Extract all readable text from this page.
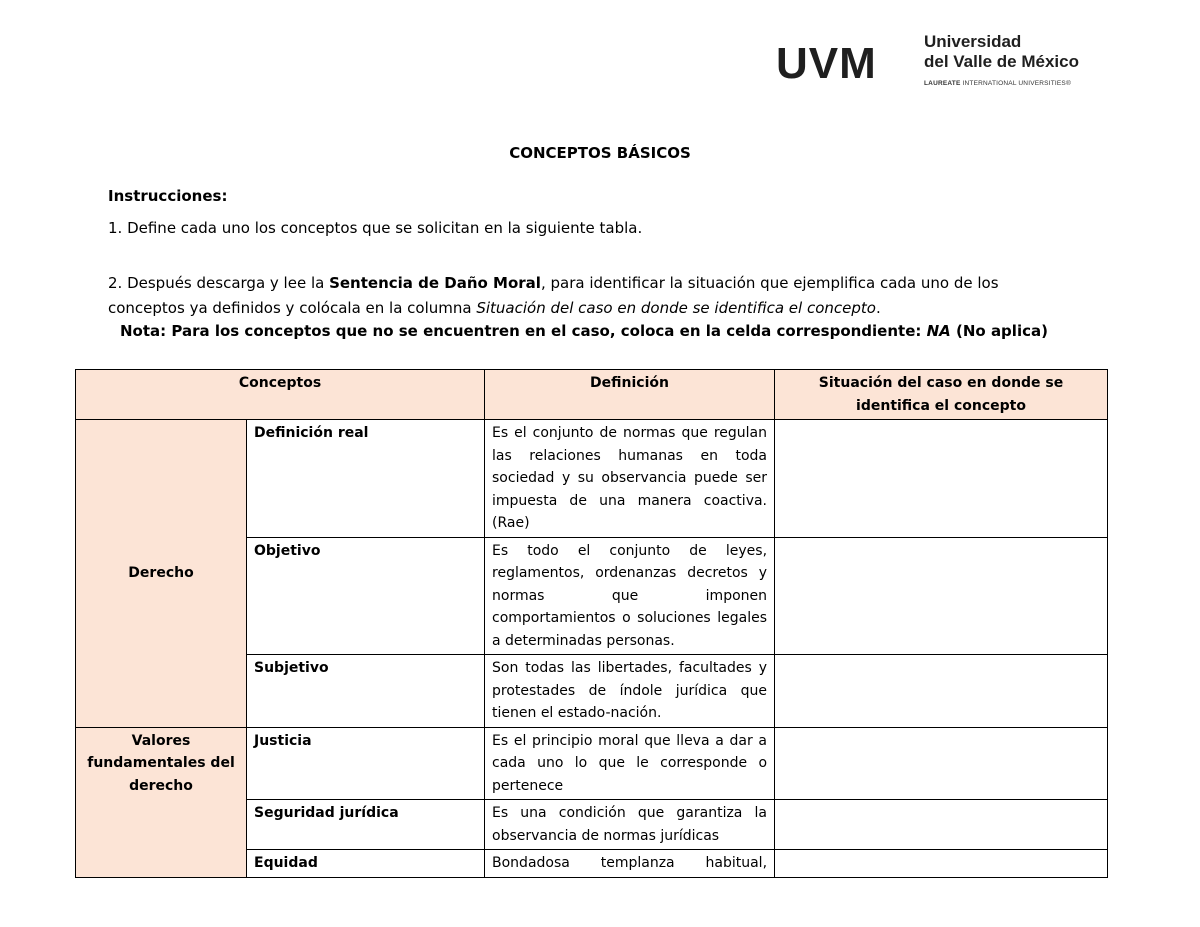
UVM	Universidad
del Valle de México
LAUREATE INTERNATIONAL UNIVERSITIES®
CONCEPTOS BÁSICOS
Instrucciones:
1. Define cada uno los conceptos que se solicitan en la siguiente tabla.
2. Después descarga y lee la Sentencia de Daño Moral, para identificar la situación que ejemplifica cada uno de los conceptos ya definidos y colócala en la columna Situación del caso en donde se identifica el concepto.
Nota: Para los conceptos que no se encuentren en el caso, coloca en la celda correspondiente: NA (No aplica)
Conceptos		Definición	Situación del caso en donde se identifica el concepto
Derecho	Definición real	Es el conjunto de normas que regulan las relaciones humanas en toda sociedad y su observancia puede ser impuesta de una manera coactiva. (Rae)	
	Objetivo	Es todo el conjunto de leyes, reglamentos, ordenanzas decretos y normas que imponen comportamientos o soluciones legales a determinadas personas.	
	Subjetivo	Son todas las libertades, facultades y protestades de índole jurídica que tienen el estado-nación.	
Valores fundamentales del derecho	Justicia	Es el principio moral que lleva a dar a cada uno lo que le corresponde o pertenece	
	Seguridad jurídica	Es una condición que garantiza la observancia de normas jurídicas	
	Equidad	Bondadosa templanza habitual,	
